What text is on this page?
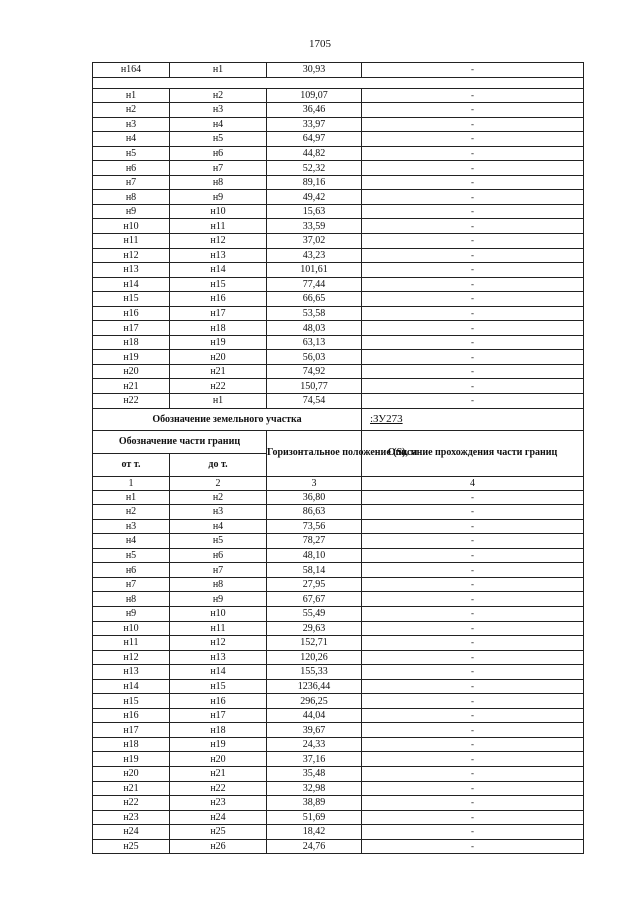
1705
н164	н1	30,93	-

н1	н2	109,07	-
н2	н3	36,46	-
н3	н4	33,97	-
н4	н5	64,97	-
н5	н6	44,82	-
н6	н7	52,32	-
н7	н8	89,16	-
н8	н9	49,42	-
н9	н10	15,63	-
н10	н11	33,59	-
н11	н12	37,02	-
н12	н13	43,23	-
н13	н14	101,61	-
н14	н15	77,44	-
н15	н16	66,65	-
н16	н17	53,58	-
н17	н18	48,03	-
н18	н19	63,13	-
н19	н20	56,03	-
н20	н21	74,92	-
н21	н22	150,77	-
н22	н1	74,54	-
Обозначение земельного участка			:ЗУ273
Обозначение части границ		Горизонтальное положение (S), м	Описание прохождения части границ
от т.	до т.		
1	2	3	4
н1	н2	36,80	-
н2	н3	86,63	-
н3	н4	73,56	-
н4	н5	78,27	-
н5	н6	48,10	-
н6	н7	58,14	-
н7	н8	27,95	-
н8	н9	67,67	-
н9	н10	55,49	-
н10	н11	29,63	-
н11	н12	152,71	-
н12	н13	120,26	-
н13	н14	155,33	-
н14	н15	1236,44	-
н15	н16	296,25	-
н16	н17	44,04	-
н17	н18	39,67	-
н18	н19	24,33	-
н19	н20	37,16	-
н20	н21	35,48	-
н21	н22	32,98	-
н22	н23	38,89	-
н23	н24	51,69	-
н24	н25	18,42	-
н25	н26	24,76	-
